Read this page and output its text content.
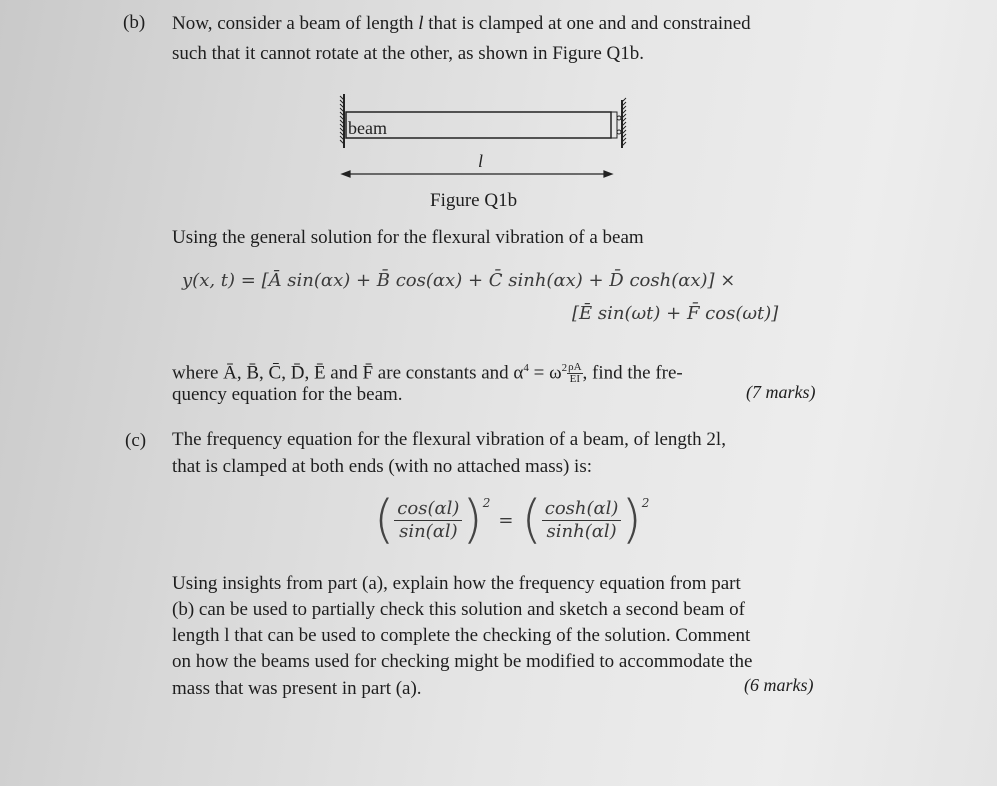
(b) Now, consider a beam of length l that is clamped at one and and constrained
such that it cannot rotate at the other, as shown in Figure Q1b.
beam
l
Figure Q1b
Using the general solution for the flexural vibration of a beam
y(x, t) = [Ā sin(αx) + B̄ cos(αx) + C̄ sinh(αx) + D̄ cosh(αx)] ×
[Ē sin(ωt) + F̄ cos(ωt)]
where Ā, B̄, C̄, D̄, Ē and F̄ are constants and $\alpha^4 = \omega^2 \frac{\rho A}{EI}$ , find the fre-
quency equation for the beam.	(7 marks)
(c) The frequency equation for the flexural vibration of a beam, of length 2l,
that is clamped at both ends (with no attached mass) is:
( $\frac{\cos(\alpha l)}{\sin(\alpha l)} )^2$
= ( $\frac{\cosh(\alpha l)}{\sinh(\alpha l)} )^2$
Using insights from part (a), explain how the frequency equation from part
(b) can be used to partially check this solution and sketch a second beam of
length l that can be used to complete the checking of the solution. Comment
on how the beams used for checking might be modified to accommodate the
mass that was present in part (a).	(6 marks)
